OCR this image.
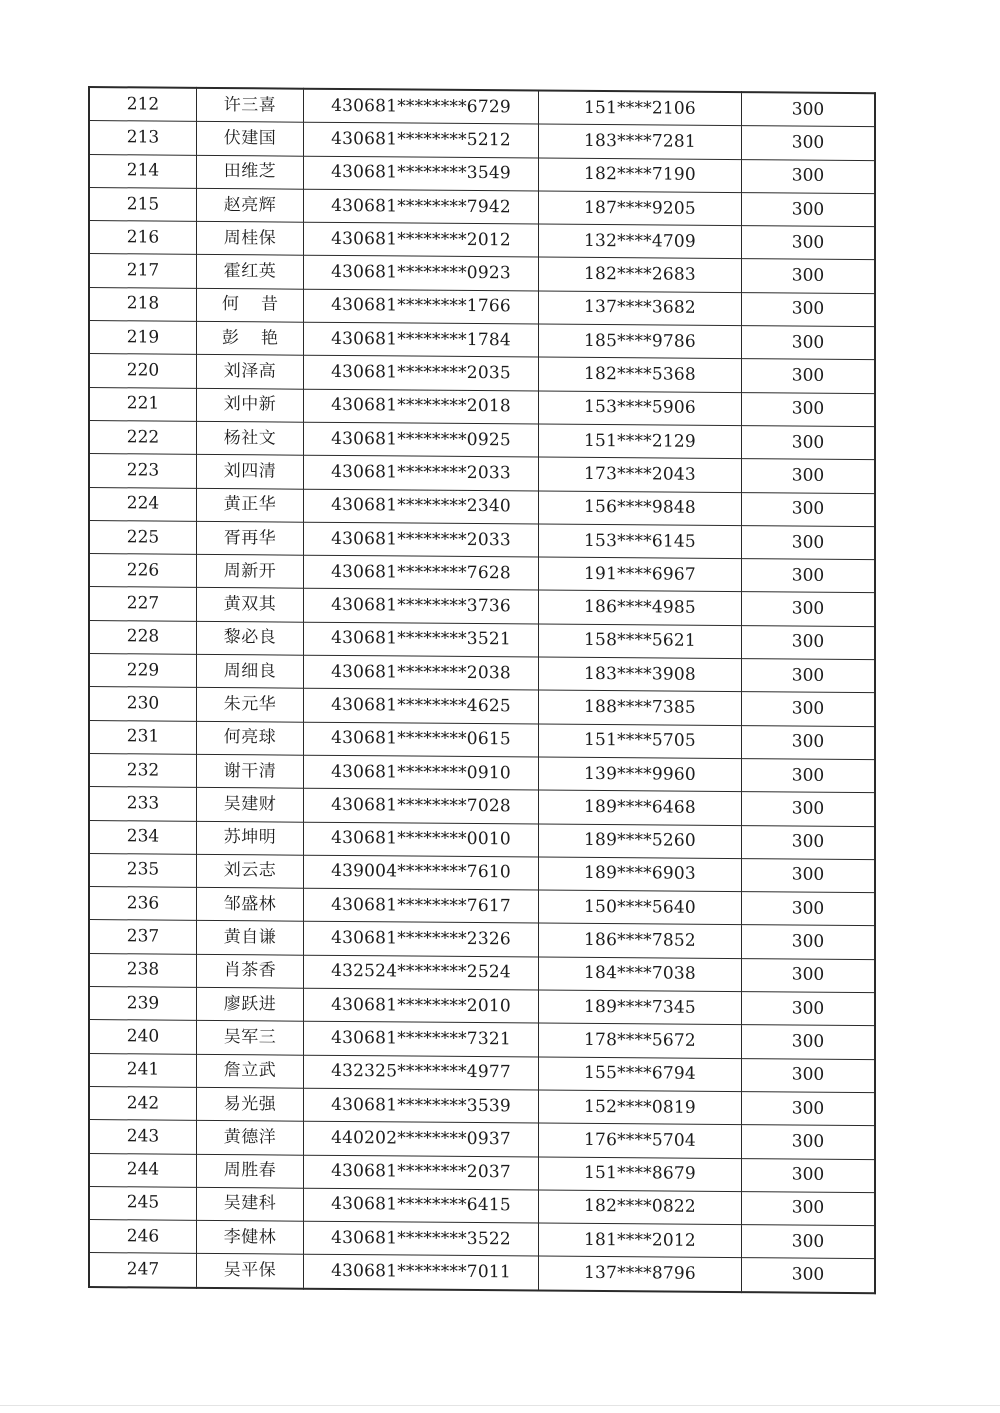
212	许三喜	430681********6729	151****2106	300
213	伏建国	430681********5212	183****7281	300
214	田维芝	430681********3549	182****7190	300
215	赵亮辉	430681********7942	187****9205	300
216	周桂保	430681********2012	132****4709	300
217	霍红英	430681********0923	182****2683	300
218	何昔	430681********1766	137****3682	300
219	彭艳	430681********1784	185****9786	300
220	刘泽高	430681********2035	182****5368	300
221	刘中新	430681********2018	153****5906	300
222	杨社文	430681********0925	151****2129	300
223	刘四清	430681********2033	173****2043	300
224	黄正华	430681********2340	156****9848	300
225	胥再华	430681********2033	153****6145	300
226	周新开	430681********7628	191****6967	300
227	黄双其	430681********3736	186****4985	300
228	黎必良	430681********3521	158****5621	300
229	周细良	430681********2038	183****3908	300
230	朱元华	430681********4625	188****7385	300
231	何亮球	430681********0615	151****5705	300
232	谢干清	430681********0910	139****9960	300
233	吴建财	430681********7028	189****6468	300
234	苏坤明	430681********0010	189****5260	300
235	刘云志	439004********7610	189****6903	300
236	邹盛林	430681********7617	150****5640	300
237	黄自谦	430681********2326	186****7852	300
238	肖茶香	432524********2524	184****7038	300
239	廖跃进	430681********2010	189****7345	300
240	吴军三	430681********7321	178****5672	300
241	詹立武	432325********4977	155****6794	300
242	易光强	430681********3539	152****0819	300
243	黄德洋	440202********0937	176****5704	300
244	周胜春	430681********2037	151****8679	300
245	吴建科	430681********6415	182****0822	300
246	李健林	430681********3522	181****2012	300
247	吴平保	430681********7011	137****8796	300
